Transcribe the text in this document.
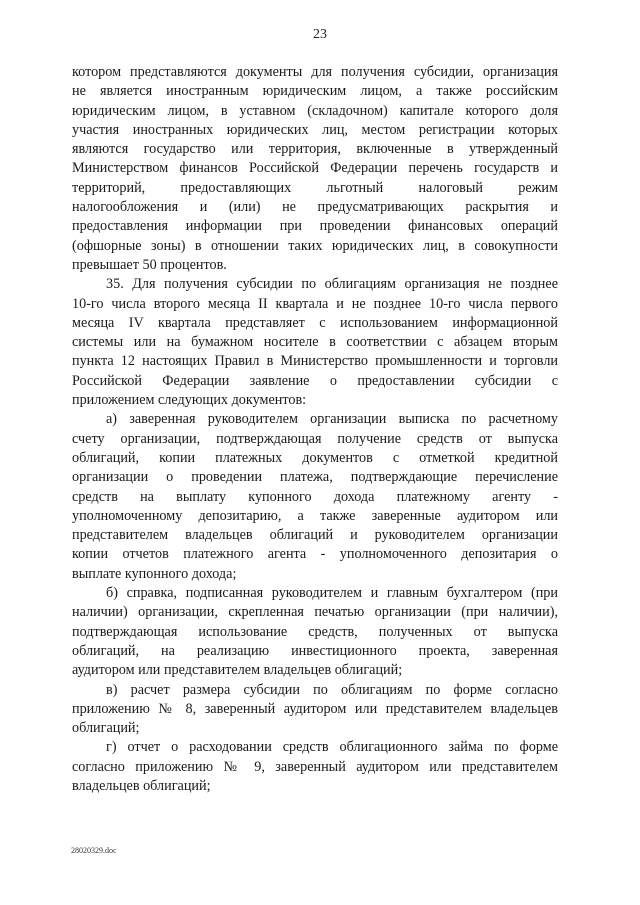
23
котором представляются документы для получения субсидии, организация
не является иностранным юридическим лицом, а также российским
юридическим лицом, в уставном (складочном) капитале которого доля
участия иностранных юридических лиц, местом регистрации которых
являются государство или территория, включенные в утвержденный
Министерством финансов Российской Федерации перечень государств и
территорий, предоставляющих льготный налоговый режим
налогообложения и (или) не предусматривающих раскрытия и
предоставления информации при проведении финансовых операций
(офшорные зоны) в отношении таких юридических лиц, в совокупности
превышает 50 процентов.
35. Для получения субсидии по облигациям организация не позднее
10-го числа второго месяца II квартала и не позднее 10-го числа первого
месяца IV квартала представляет с использованием информационной
системы или на бумажном носителе в соответствии с абзацем вторым
пункта 12 настоящих Правил в Министерство промышленности и торговли
Российской Федерации заявление о предоставлении субсидии с
приложением следующих документов:
а) заверенная руководителем организации выписка по расчетному
счету организации, подтверждающая получение средств от выпуска
облигаций, копии платежных документов с отметкой кредитной
организации о проведении платежа, подтверждающие перечисление
средств на выплату купонного дохода платежному агенту -
уполномоченному депозитарию, а также заверенные аудитором или
представителем владельцев облигаций и руководителем организации
копии отчетов платежного агента - уполномоченного депозитария о
выплате купонного дохода;
б) справка, подписанная руководителем и главным бухгалтером (при
наличии) организации, скрепленная печатью организации (при наличии),
подтверждающая использование средств, полученных от выпуска
облигаций, на реализацию инвестиционного проекта, заверенная
аудитором или представителем владельцев облигаций;
в) расчет размера субсидии по облигациям по форме согласно
приложению № 8, заверенный аудитором или представителем владельцев
облигаций;
г) отчет о расходовании средств облигационного займа по форме
согласно приложению № 9, заверенный аудитором или представителем
владельцев облигаций;
28020329.doc
